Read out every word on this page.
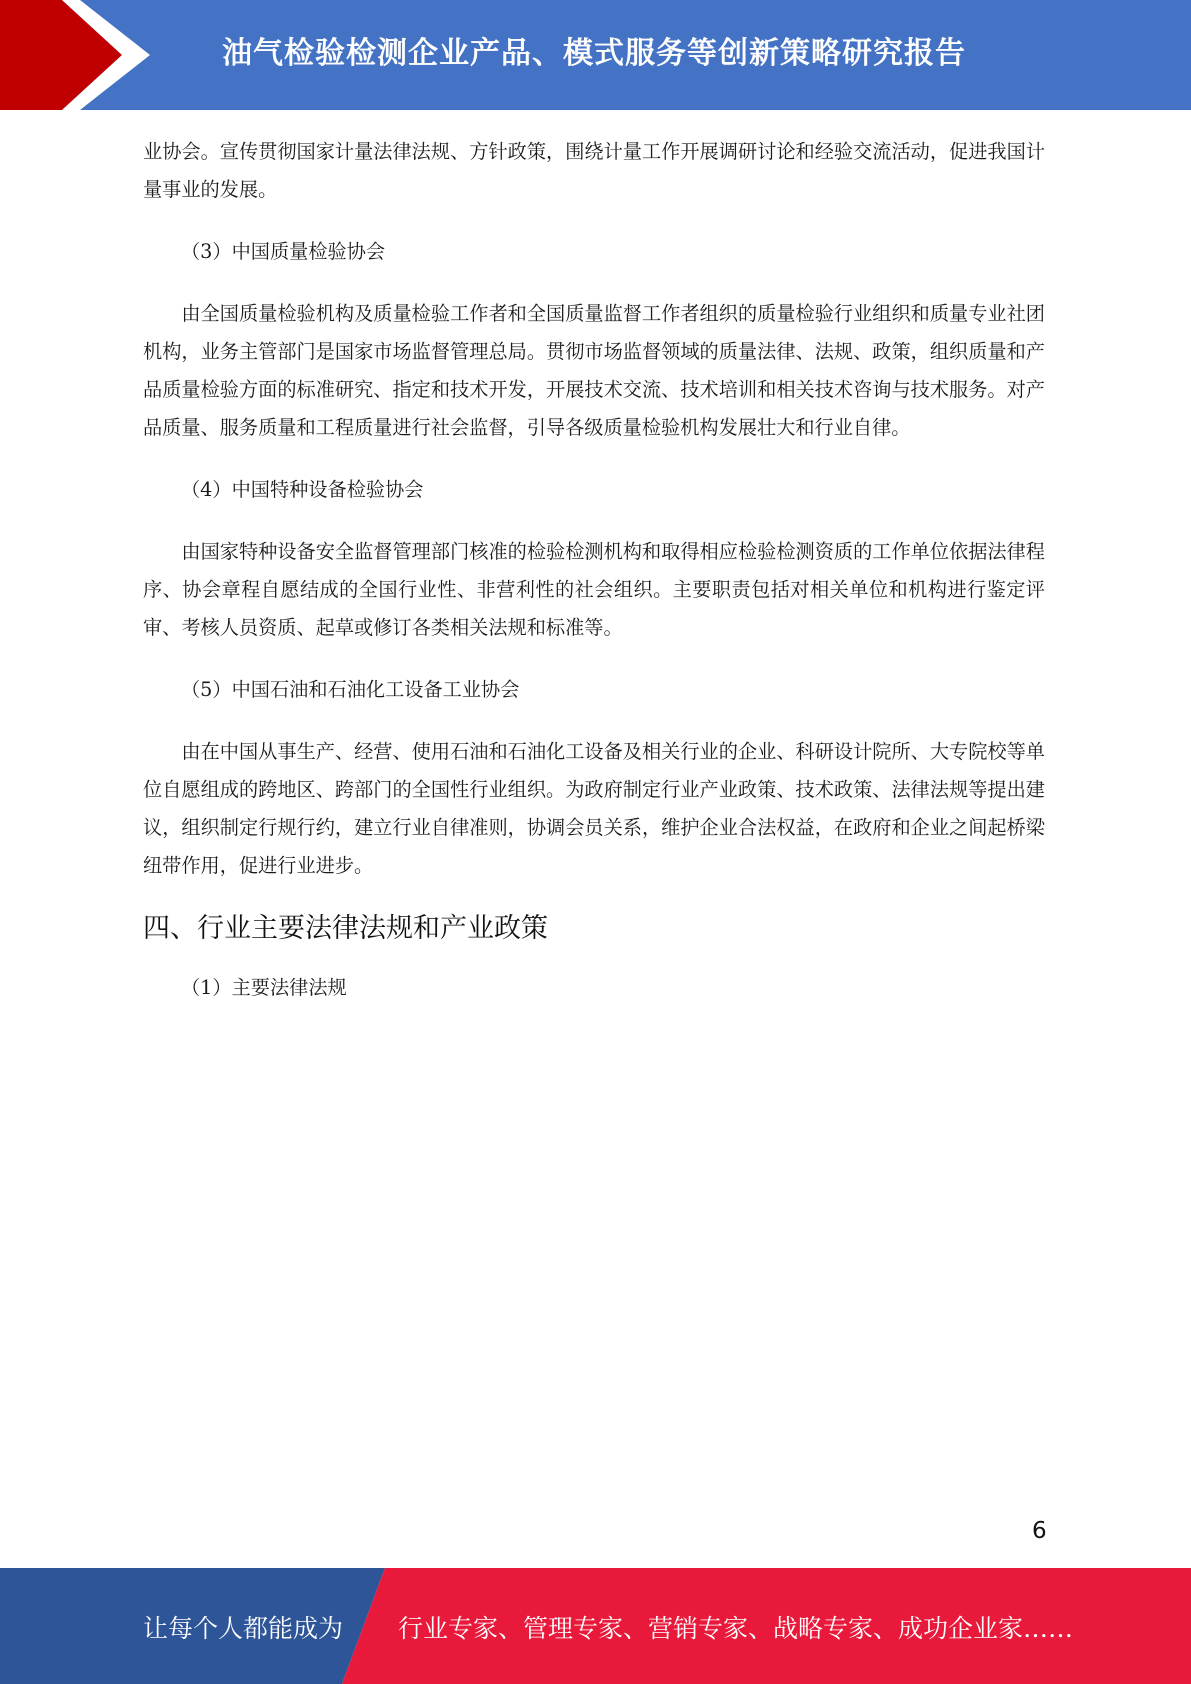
油气检验检测企业产品、模式服务等创新策略研究报告

业协会。宣传贯彻国家计量法律法规、方针政策，围绕计量工作开展调研讨论和经验交流活动，促进我国计量事业的发展。

（3）中国质量检验协会

由全国质量检验机构及质量检验工作者和全国质量监督工作者组织的质量检验行业组织和质量专业社团机构，业务主管部门是国家市场监督管理总局。贯彻市场监督领域的质量法律、法规、政策，组织质量和产品质量检验方面的标准研究、指定和技术开发，开展技术交流、技术培训和相关技术咨询与技术服务。对产品质量、服务质量和工程质量进行社会监督，引导各级质量检验机构发展壮大和行业自律。

（4）中国特种设备检验协会

由国家特种设备安全监督管理部门核准的检验检测机构和取得相应检验检测资质的工作单位依据法律程序、协会章程自愿结成的全国行业性、非营利性的社会组织。主要职责包括对相关单位和机构进行鉴定评审、考核人员资质、起草或修订各类相关法规和标准等。

（5）中国石油和石油化工设备工业协会

由在中国从事生产、经营、使用石油和石油化工设备及相关行业的企业、科研设计院所、大专院校等单位自愿组成的跨地区、跨部门的全国性行业组织。为政府制定行业产业政策、技术政策、法律法规等提出建议，组织制定行规行约，建立行业自律准则，协调会员关系，维护企业合法权益，在政府和企业之间起桥梁纽带作用，促进行业进步。

四、行业主要法律法规和产业政策

（1）主要法律法规

6
让每个人都能成为 行业专家、管理专家、营销专家、战略专家、成功企业家……
